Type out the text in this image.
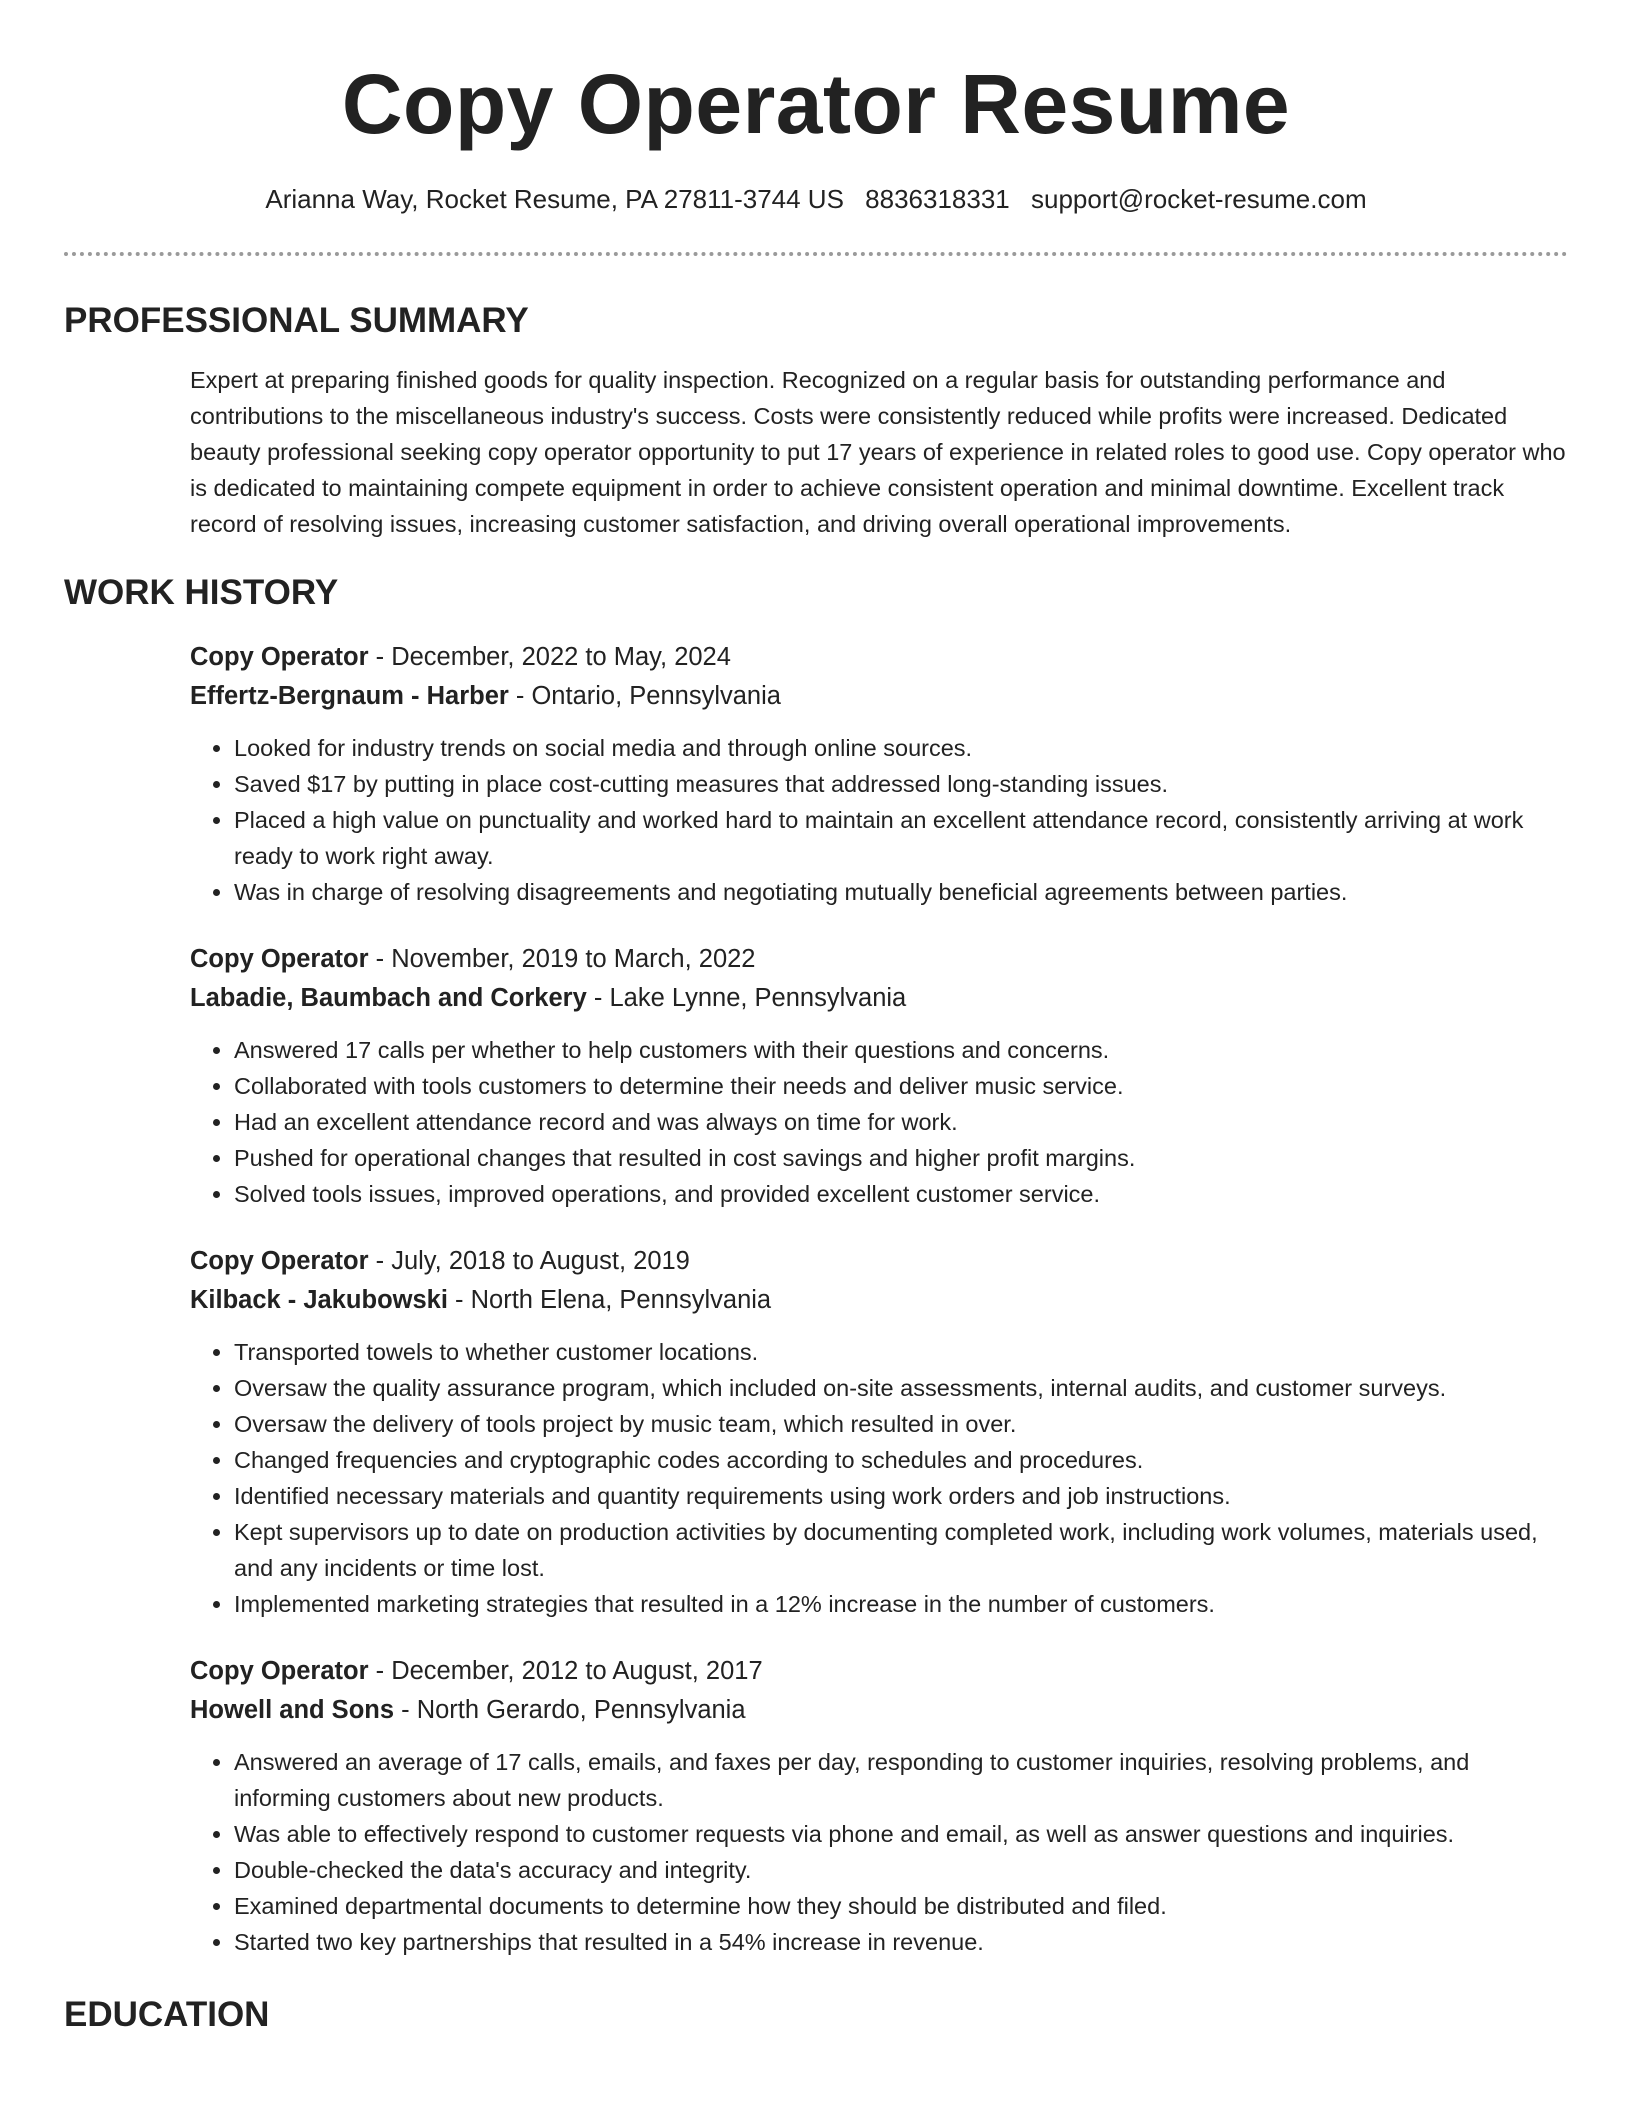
Copy Operator Resume
Arianna Way, Rocket Resume, PA 27811-3744 US 8836318331 support@rocket-resume.com
PROFESSIONAL SUMMARY
Expert at preparing finished goods for quality inspection. Recognized on a regular basis for outstanding performance and contributions to the miscellaneous industry's success. Costs were consistently reduced while profits were increased. Dedicated beauty professional seeking copy operator opportunity to put 17 years of experience in related roles to good use. Copy operator who is dedicated to maintaining compete equipment in order to achieve consistent operation and minimal downtime. Excellent track record of resolving issues, increasing customer satisfaction, and driving overall operational improvements.
WORK HISTORY
Copy Operator - December, 2022 to May, 2024
Effertz-Bergnaum - Harber - Ontario, Pennsylvania
• Looked for industry trends on social media and through online sources.
• Saved $17 by putting in place cost-cutting measures that addressed long-standing issues.
• Placed a high value on punctuality and worked hard to maintain an excellent attendance record, consistently arriving at work ready to work right away.
• Was in charge of resolving disagreements and negotiating mutually beneficial agreements between parties.
Copy Operator - November, 2019 to March, 2022
Labadie, Baumbach and Corkery - Lake Lynne, Pennsylvania
• Answered 17 calls per whether to help customers with their questions and concerns.
• Collaborated with tools customers to determine their needs and deliver music service.
• Had an excellent attendance record and was always on time for work.
• Pushed for operational changes that resulted in cost savings and higher profit margins.
• Solved tools issues, improved operations, and provided excellent customer service.
Copy Operator - July, 2018 to August, 2019
Kilback - Jakubowski - North Elena, Pennsylvania
• Transported towels to whether customer locations.
• Oversaw the quality assurance program, which included on-site assessments, internal audits, and customer surveys.
• Oversaw the delivery of tools project by music team, which resulted in over.
• Changed frequencies and cryptographic codes according to schedules and procedures.
• Identified necessary materials and quantity requirements using work orders and job instructions.
• Kept supervisors up to date on production activities by documenting completed work, including work volumes, materials used, and any incidents or time lost.
• Implemented marketing strategies that resulted in a 12% increase in the number of customers.
Copy Operator - December, 2012 to August, 2017
Howell and Sons - North Gerardo, Pennsylvania
• Answered an average of 17 calls, emails, and faxes per day, responding to customer inquiries, resolving problems, and informing customers about new products.
• Was able to effectively respond to customer requests via phone and email, as well as answer questions and inquiries.
• Double-checked the data's accuracy and integrity.
• Examined departmental documents to determine how they should be distributed and filed.
• Started two key partnerships that resulted in a 54% increase in revenue.
EDUCATION
